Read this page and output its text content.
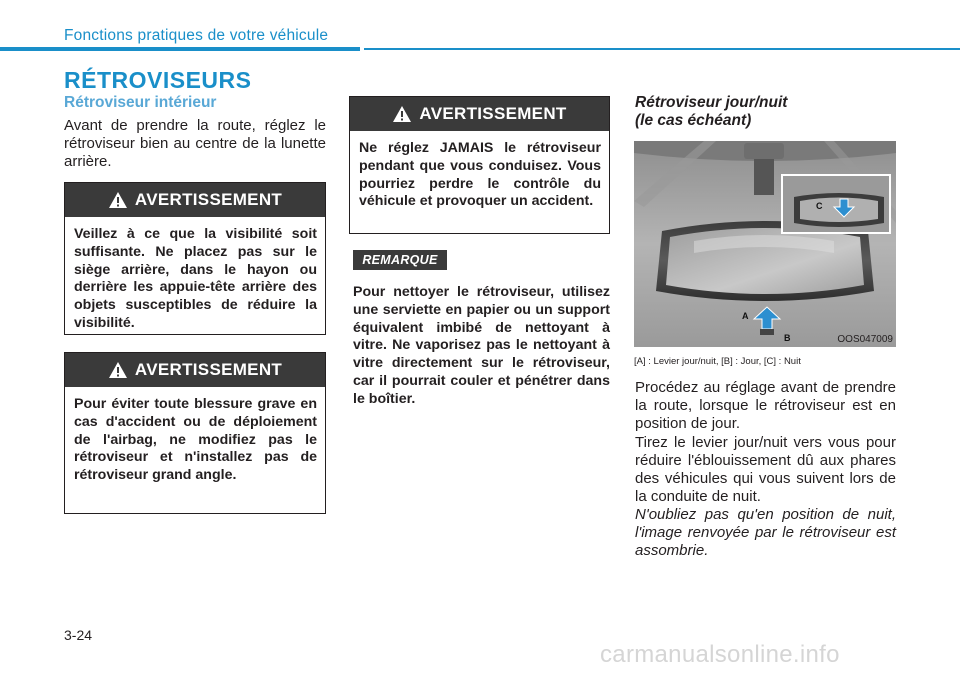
Fonctions pratiques de votre véhicule
RÉTROVISEURS
Rétroviseur intérieur
Avant de prendre la route, réglez le rétroviseur bien au centre de la lunette arrière.
AVERTISSEMENT
Veillez à ce que la visibilité soit suffisante. Ne placez pas sur le siège arrière, dans le hayon ou derrière les appuie-tête arrière des objets susceptibles de réduire la visibilité.
AVERTISSEMENT
Pour éviter toute blessure grave en cas d'accident ou de déploiement de l'airbag, ne modifiez pas le rétroviseur et n'installez pas de rétroviseur grand angle.
AVERTISSEMENT
Ne réglez JAMAIS le rétroviseur pendant que vous conduisez. Vous pourriez perdre le contrôle du véhicule et provoquer un accident.
REMARQUE
Pour nettoyer le rétroviseur, utilisez une serviette en papier ou un support équivalent imbibé de nettoyant à vitre. Ne vaporisez pas le nettoyant à vitre directement sur le rétroviseur, car il pourrait couler et pénétrer dans le boîtier.
Rétroviseur jour/nuit
(le cas échéant)
A
B
C
OOS047009
[A] : Levier jour/nuit, [B] : Jour, [C] : Nuit
Procédez au réglage avant de prendre la route, lorsque le rétroviseur est en position de jour.
Tirez le levier jour/nuit vers vous pour réduire l'éblouissement dû aux phares des véhicules qui vous suivent lors de la conduite de nuit.
N'oubliez pas qu'en position de nuit, l'image renvoyée par le rétroviseur est assombrie.
3-24
carmanualsonline.info
